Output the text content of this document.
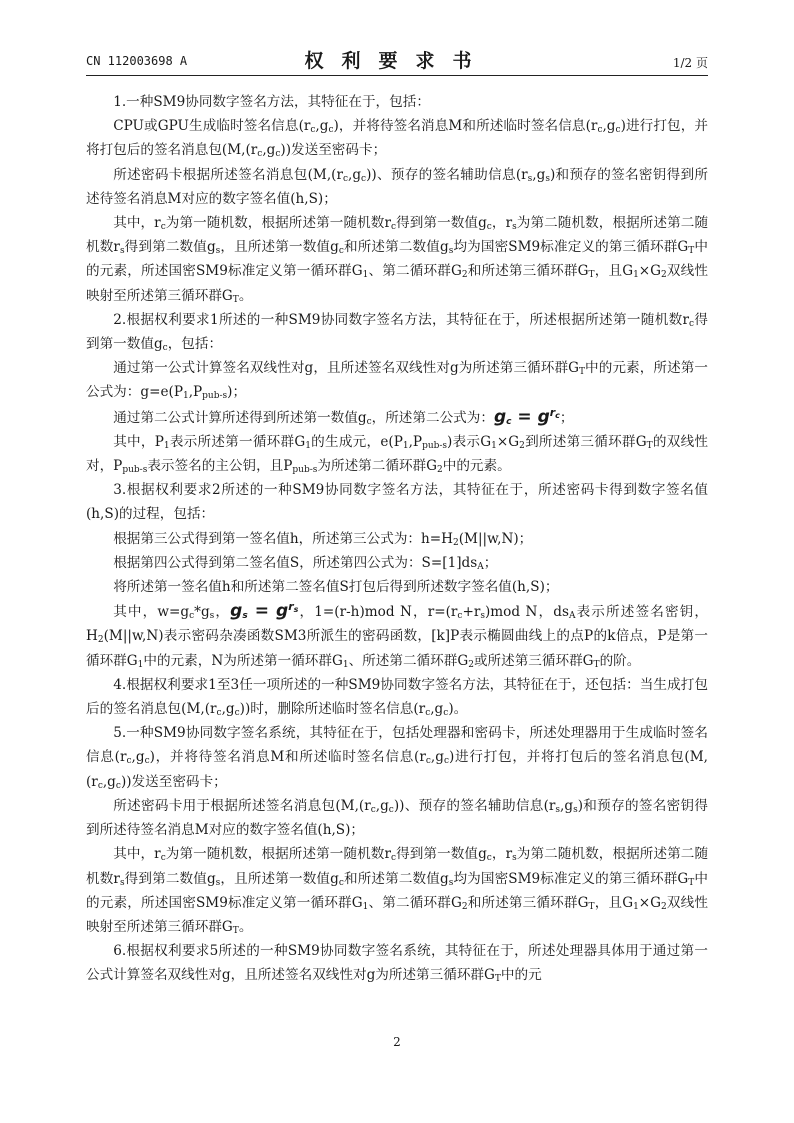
CN 112003698 A	权利要求书	1/2 页

1.一种SM9协同数字签名方法，其特征在于，包括：

CPU或GPU生成临时签名信息$(r_c,g_c)$，并将待签名消息M和所述临时签名信息$(r_c,g_c)$进行打包，并将打包后的签名消息包$(M,(r_c,g_c))$发送至密码卡；

所述密码卡根据所述签名消息包$(M,(r_c,g_c))$、预存的签名辅助信息$(r_s,g_s)$和预存的签名密钥得到所述待签名消息M对应的数字签名值(h,S)；

其中，$r_c$为第一随机数，根据所述第一随机数$r_c$得到第一数值$g_c$，$r_s$为第二随机数，根据所述第二随机数$r_s$得到第二数值$g_s$，且所述第一数值$g_c$和所述第二数值$g_s$均为国密SM9标准定义的第三循环群$G_T$中的元素，所述国密SM9标准定义第一循环群$G_1$、第二循环群$G_2$和所述第三循环群$G_T$，且$G_1\times G_2$双线性映射至所述第三循环群$G_T$。

2.根据权利要求1所述的一种SM9协同数字签名方法，其特征在于，所述根据所述第一随机数$r_c$得到第一数值$g_c$，包括：

通过第一公式计算签名双线性对g，且所述签名双线性对g为所述第三循环群$G_T$中的元素，所述第一公式为：$g=e(P_1,P_{pub-s})$；

通过第二公式计算所述得到所述第一数值$g_c$，所述第二公式为：$g_c = g^{r_c}$；

其中，$P_1$表示所述第一循环群$G_1$的生成元，$e(P_1,P_{pub-s})$表示$G_1\times G_2$到所述第三循环群$G_T$的双线性对，$P_{pub-s}$表示签名的主公钥，且$P_{pub-s}$为所述第二循环群$G_2$中的元素。

3.根据权利要求2所述的一种SM9协同数字签名方法，其特征在于，所述密码卡得到数字签名值(h,S)的过程，包括：

根据第三公式得到第一签名值h，所述第三公式为：$h=H_2(M||w,N)$；

根据第四公式得到第二签名值S，所述第四公式为：$S=[1]ds_A$；

将所述第一签名值h和所述第二签名值S打包后得到所述数字签名值(h,S)；

其中，$w=g_c*g_s$，$g_s = g^{r_s}$，1=(r-h)mod N，$r=(r_c+r_s)mod$ N，$ds_A$表示所述签名密钥，$H_2(M||w,N)$表示密码杂凑函数SM3所派生的密码函数，[k]P表示椭圆曲线上的点P的k倍点，P是第一循环群$G_1$中的元素，N为所述第一循环群$G_1$、所述第二循环群$G_2$或所述第三循环群$G_T$的阶。

4.根据权利要求1至3任一项所述的一种SM9协同数字签名方法，其特征在于，还包括：当生成打包后的签名消息包$(M,(r_c,g_c))$时，删除所述临时签名信息$(r_c,g_c)$。

5.一种SM9协同数字签名系统，其特征在于，包括处理器和密码卡，所述处理器用于生成临时签名信息$(r_c,g_c)$，并将待签名消息M和所述临时签名信息$(r_c,g_c)$进行打包，并将打包后的签名消息包$(M,(r_c,g_c))$发送至密码卡；

所述密码卡用于根据所述签名消息包$(M,(r_c,g_c))$、预存的签名辅助信息$(r_s,g_s)$和预存的签名密钥得到所述待签名消息M对应的数字签名值(h,S)；

其中，$r_c$为第一随机数，根据所述第一随机数$r_c$得到第一数值$g_c$，$r_s$为第二随机数，根据所述第二随机数$r_s$得到第二数值$g_s$，且所述第一数值$g_c$和所述第二数值$g_s$均为国密SM9标准定义的第三循环群$G_T$中的元素，所述国密SM9标准定义第一循环群$G_1$、第二循环群$G_2$和所述第三循环群$G_T$，且$G_1\times G_2$双线性映射至所述第三循环群$G_T$。

6.根据权利要求5所述的一种SM9协同数字签名系统，其特征在于，所述处理器具体用于通过第一公式计算签名双线性对g，且所述签名双线性对g为所述第三循环群$G_T$中的元

2
